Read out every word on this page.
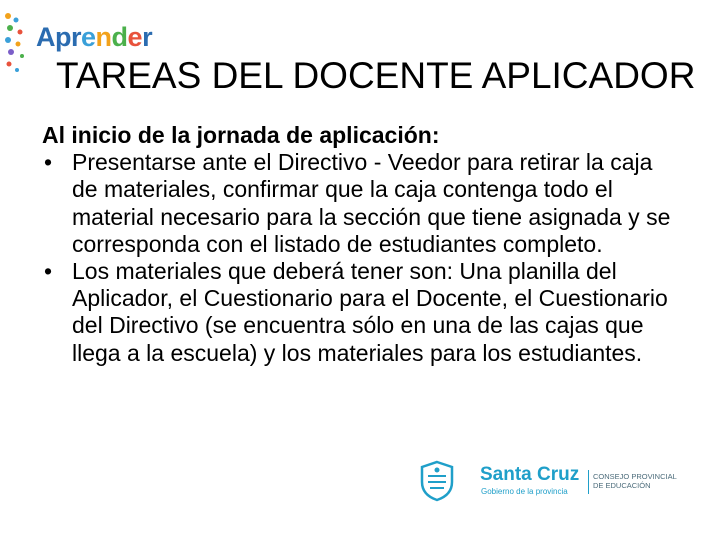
Aprender
TAREAS DEL DOCENTE APLICADOR

Al inicio de la jornada de aplicación:

• Presentarse ante el Directivo - Veedor para retirar la caja de materiales, confirmar que la caja contenga todo el material necesario para la sección que tiene asignada y se corresponda con el listado de estudiantes completo.
• Los materiales que deberá tener son: Una planilla del Aplicador, el Cuestionario para el Docente, el Cuestionario del Directivo (se encuentra sólo en una de las cajas que llega a la escuela) y los materiales para los estudiantes.
Santa Cruz
Gobierno de la provincia
CONSEJO PROVINCIAL
DE EDUCACIÓN
